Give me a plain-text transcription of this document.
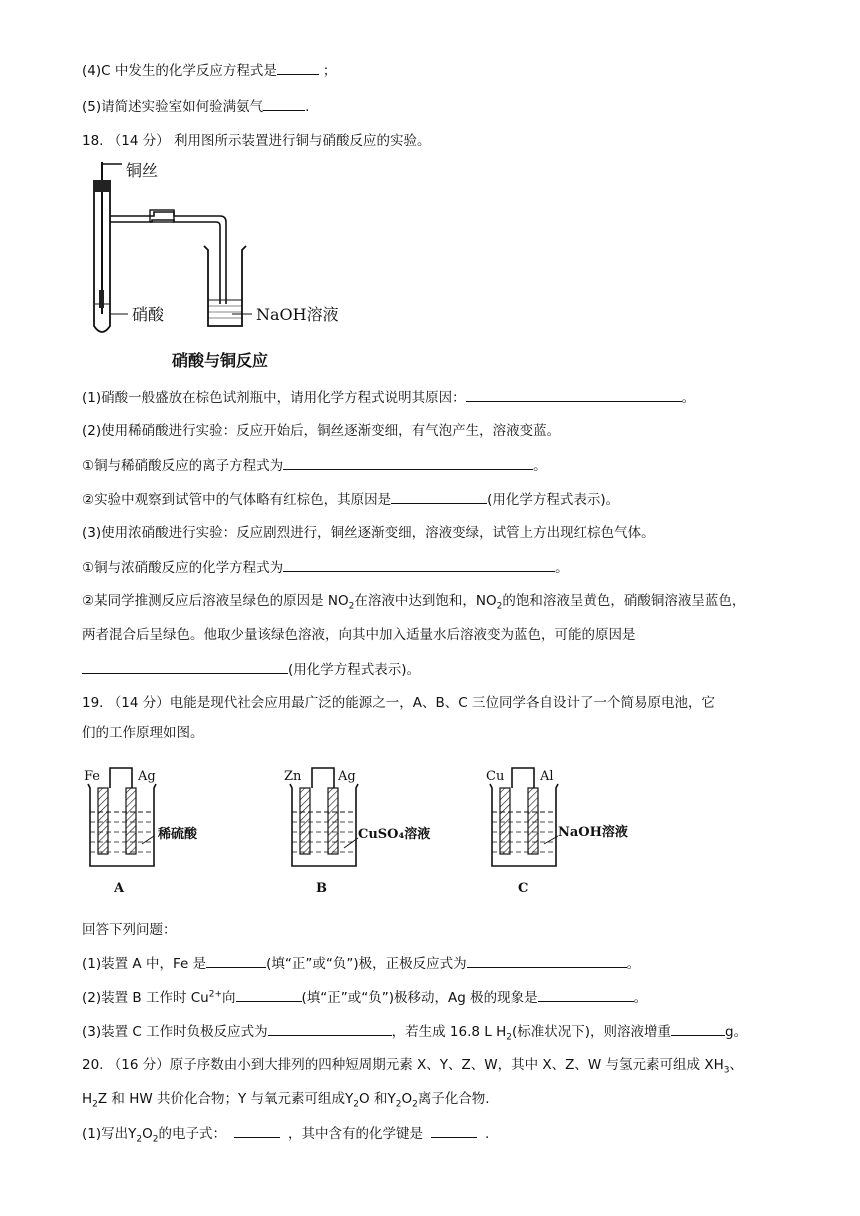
(4)C 中发生的化学反应方程式是	；
(5)请简述实验室如何验满氨气	.
18. （14 分） 利用图所示装置进行铜与硝酸反应的实验。
铜丝
硝酸	NaOH溶液
硝酸与铜反应
(1)硝酸一般盛放在棕色试剂瓶中，请用化学方程式说明其原因：	。
(2)使用稀硝酸进行实验：反应开始后，铜丝逐渐变细，有气泡产生，溶液变蓝。
①铜与稀硝酸反应的离子方程式为	。
②实验中观察到试管中的气体略有红棕色，其原因是	(用化学方程式表示)。
(3)使用浓硝酸进行实验：反应剧烈进行，铜丝逐渐变细，溶液变绿，试管上方出现红棕色气体。
①铜与浓硝酸反应的化学方程式为	。
②某同学推测反应后溶液呈绿色的原因是 $NO_2$在溶液中达到饱和，$NO_2$的饱和溶液呈黄色，硝酸铜溶液呈蓝色，
两者混合后呈绿色。他取少量该绿色溶液，向其中加入适量水后溶液变为蓝色，可能的原因是
(用化学方程式表示)。
19. （14 分）电能是现代社会应用最广泛的能源之一，A、B、C 三位同学各自设计了一个简易原电池，它
们的工作原理如图。
Fe	Ag
稀硫酸
A
Zn	Ag
CuSO₄溶液
B
Cu	Al
NaOH溶液
C
回答下列问题：
(1)装置 A 中，Fe 是	(填“正”或“负”)极，正极反应式为	。
(2)装置 B 工作时 $Cu^{2+}$向	(填“正”或“负”)极移动，Ag 极的现象是	。
(3)装置 C 工作时负极反应式为	，若生成 16.8 L $H_2$(标准状况下)，则溶液增重	g。
20. （16 分）原子序数由小到大排列的四种短周期元素 X、Y、Z、W，其中 X、Z、W 与氢元素可组成 $XH_3$、
$H_2Z$ 和 HW 共价化合物；Y 与氧元素可组成$Y_2O$ 和$Y_2O_2$离子化合物.
(1)写出$Y_2O_2$的电子式：	，其中含有的化学键是	.
